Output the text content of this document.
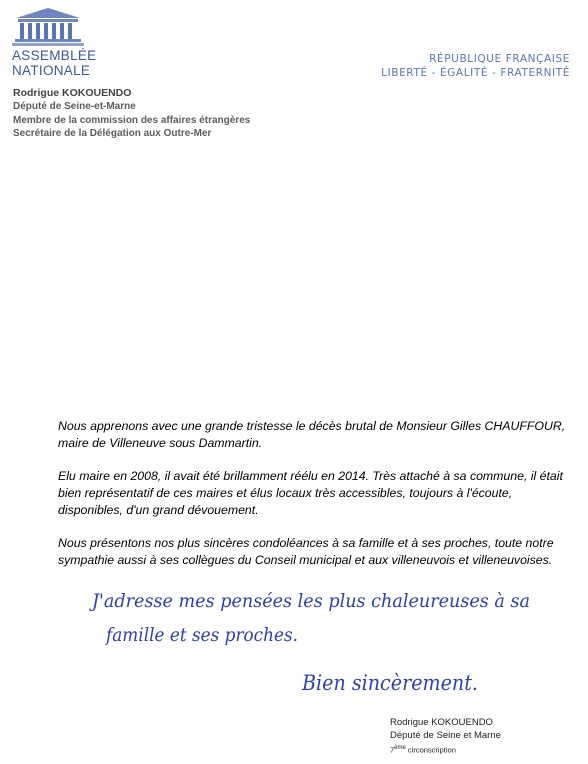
ASSEMBLÉE
NATIONALE
RÉPUBLIQUE FRANÇAISE
LIBERTÉ - ÉGALITÉ - FRATERNITÉ
Rodrigue KOKOUENDO
Député de Seine-et-Marne
Membre de la commission des affaires étrangères
Secrétaire de la Délégation aux Outre-Mer

Nous apprenons avec une grande tristesse le décès brutal de Monsieur Gilles CHAUFFOUR, maire de Villeneuve sous Dammartin.

Elu maire en 2008, il avait été brillamment réélu en 2014. Très attaché à sa commune, il était bien représentatif de ces maires et élus locaux très accessibles, toujours à l'écoute, disponibles, d'un grand dévouement.

Nous présentons nos plus sincères condoléances à sa famille et à ses proches, toute notre sympathie aussi à ses collègues du Conseil municipal et aux villeneuvois et villeneuvoises.

J'adresse mes pensées les plus chaleureuses à sa
famille et ses proches.
Bien sincèrement.
Rodrigue KOKOUENDO
Député de Seine et Marne
7ème circonscription
